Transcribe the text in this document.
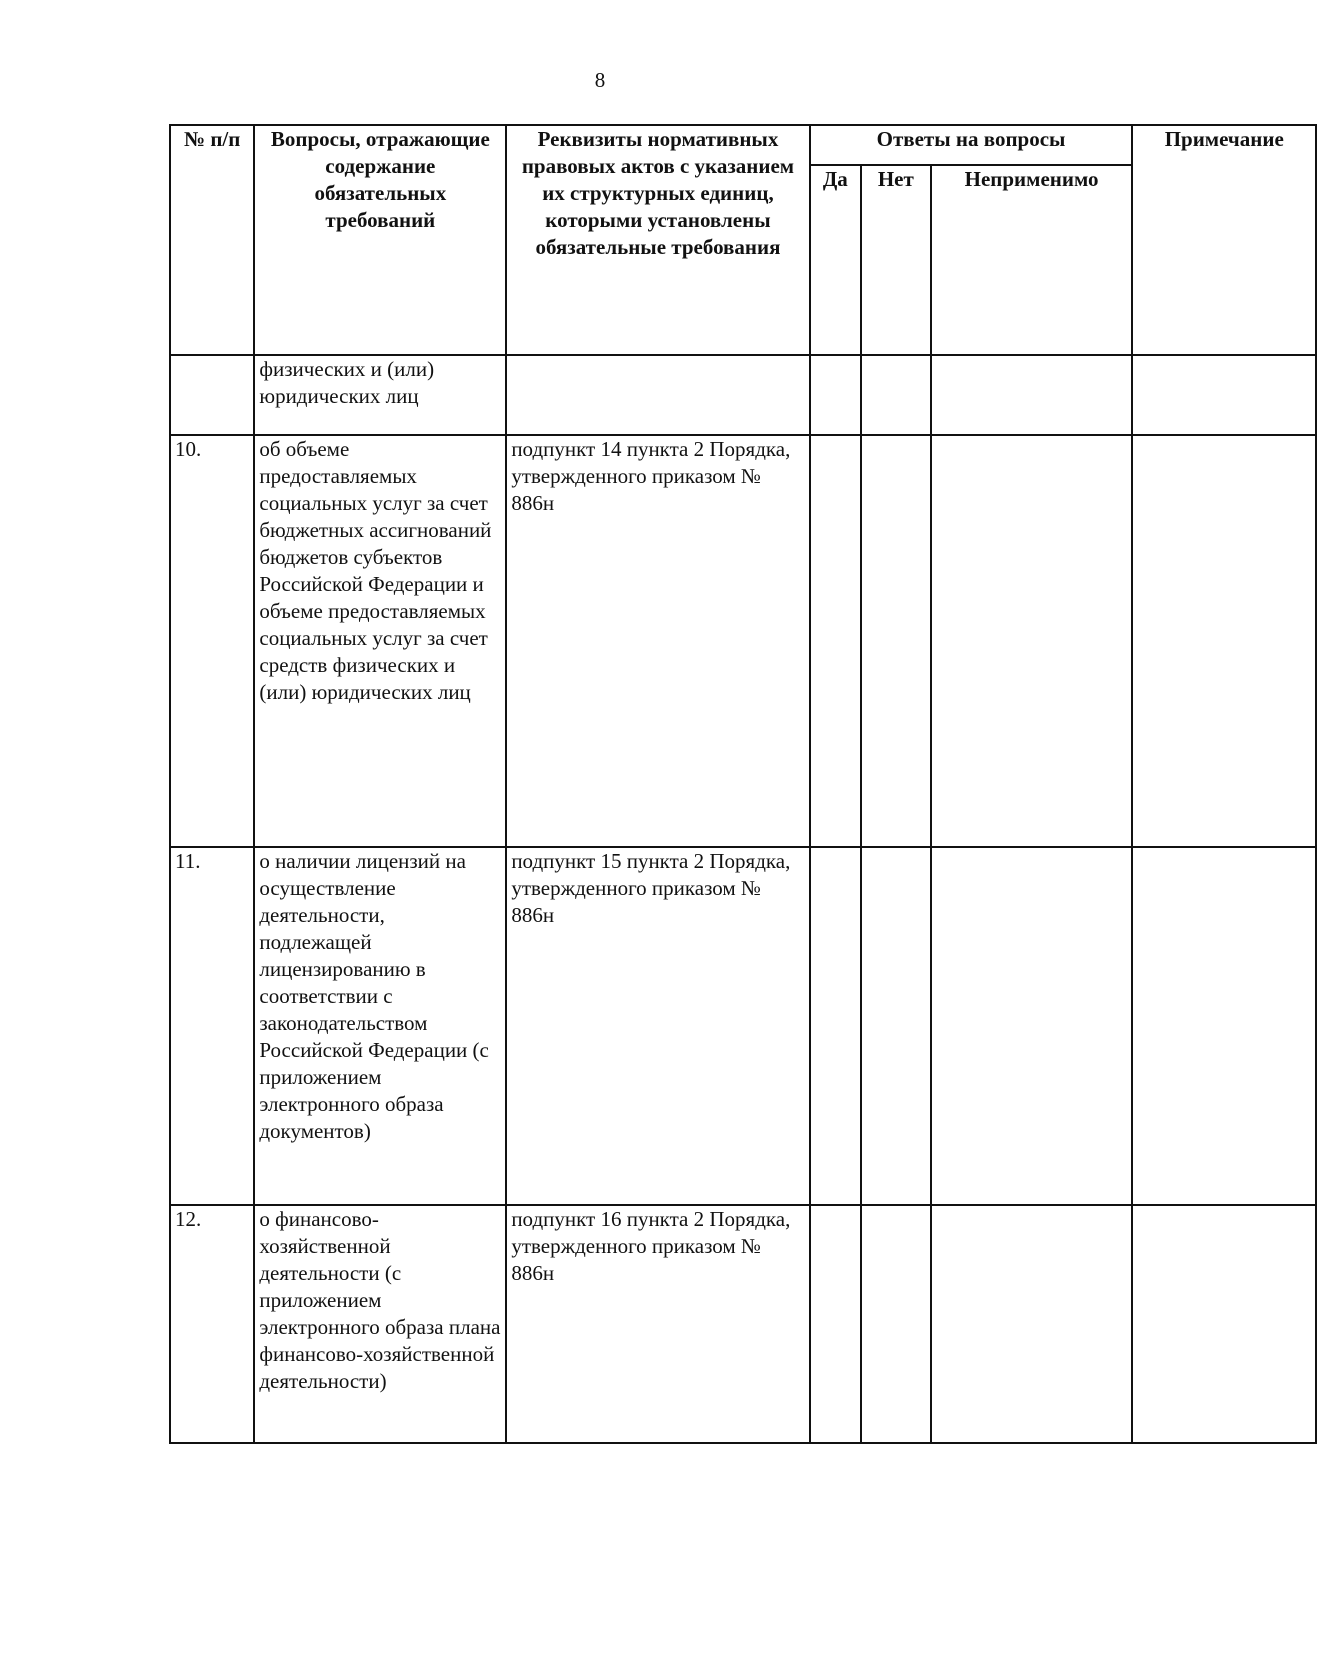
8
№ п/п	Вопросы, отражающие содержание обязательных требований	Реквизиты нормативных правовых актов с указанием их структурных единиц, которыми установлены обязательные требования	Ответы на вопросы			Примечание
			Да	Нет	Неприменимо	
	физических и (или) юридических лиц					
10.	об объеме предоставляемых социальных услуг за счет бюджетных ассигнований бюджетов субъектов Российской Федерации и объеме предоставляемых социальных услуг за счет средств физических и (или) юридических лиц	подпункт 14 пункта 2 Порядка, утвержденного приказом № 886н				
11.	о наличии лицензий на осуществление деятельности, подлежащей лицензированию в соответствии с законодательством Российской Федерации (с приложением электронного образа документов)	подпункт 15 пункта 2 Порядка, утвержденного приказом № 886н				
12.	о финансово-хозяйственной деятельности (с приложением электронного образа плана финансово-хозяйственной деятельности)	подпункт 16 пункта 2 Порядка, утвержденного приказом № 886н				
